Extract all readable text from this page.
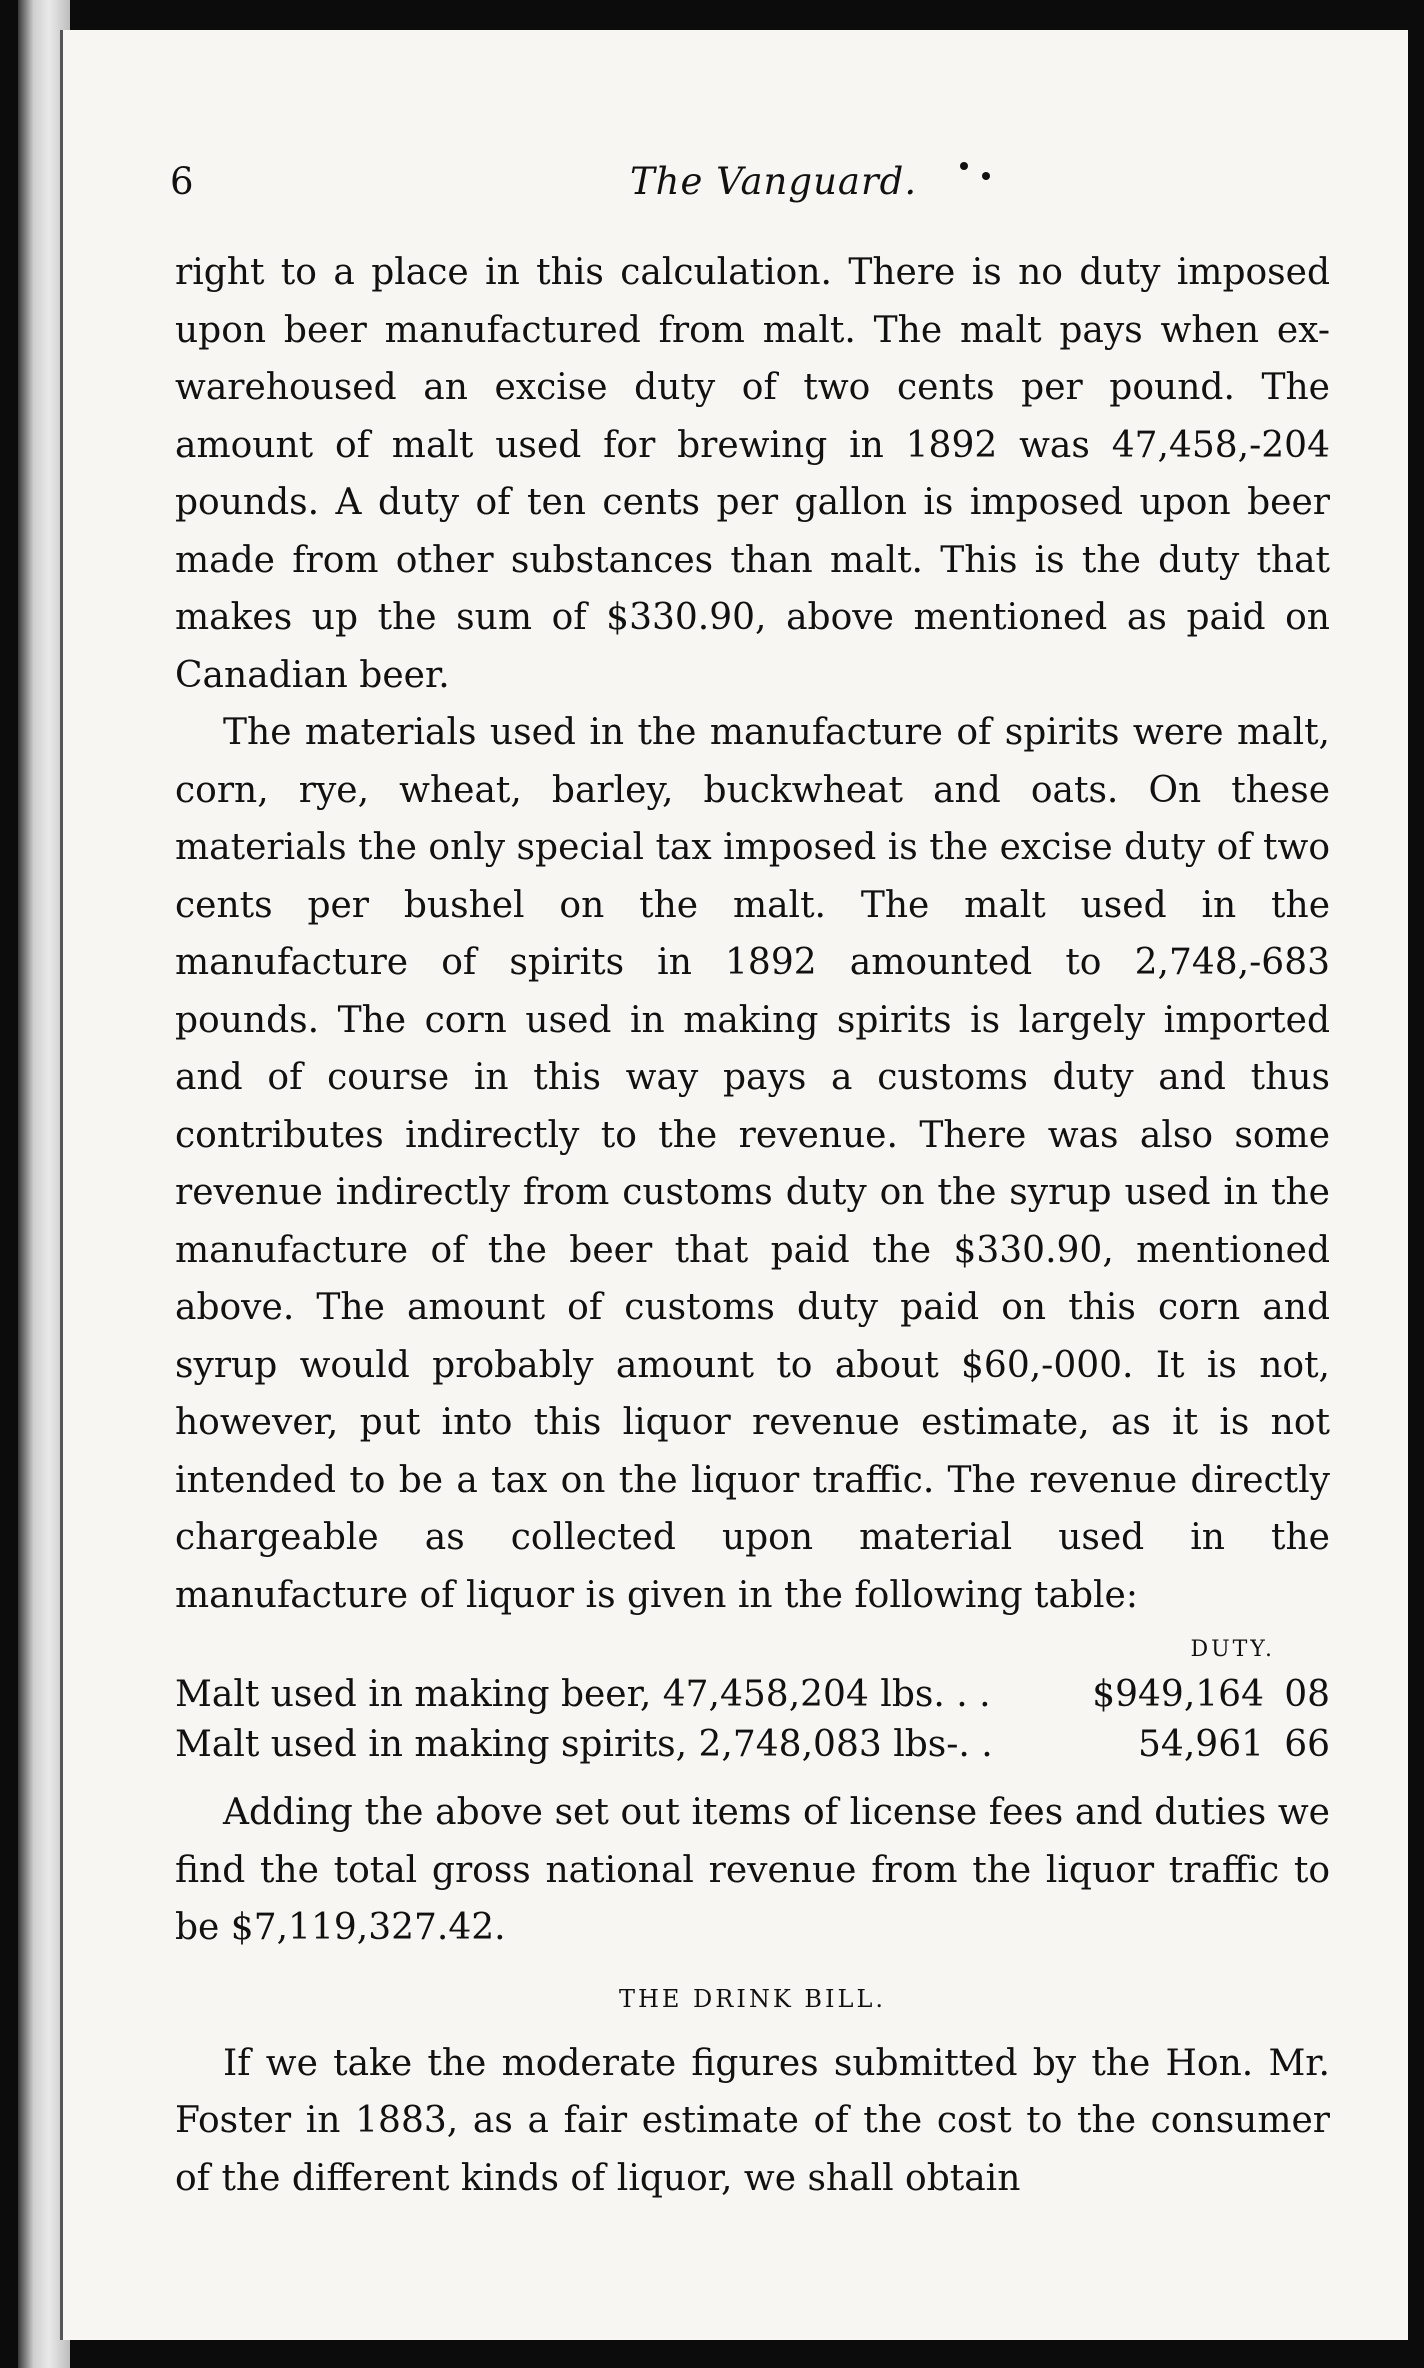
6	The Vanguard.

right to a place in this calculation. There is no duty imposed upon beer manufactured from malt. The malt pays when ex-warehoused an excise duty of two cents per pound. The amount of malt used for brewing in 1892 was 47,458,-204 pounds. A duty of ten cents per gallon is imposed upon beer made from other substances than malt. This is the duty that makes up the sum of $330.90, above mentioned as paid on Canadian beer.

The materials used in the manufacture of spirits were malt, corn, rye, wheat, barley, buckwheat and oats. On these materials the only special tax imposed is the excise duty of two cents per bushel on the malt. The malt used in the manufacture of spirits in 1892 amounted to 2,748,-683 pounds. The corn used in making spirits is largely imported and of course in this way pays a customs duty and thus contributes indirectly to the revenue. There was also some revenue indirectly from customs duty on the syrup used in the manufacture of the beer that paid the $330.90, mentioned above. The amount of customs duty paid on this corn and syrup would probably amount to about $60,-000. It is not, however, put into this liquor revenue estimate, as it is not intended to be a tax on the liquor traffic. The revenue directly chargeable as collected upon material used in the manufacture of liquor is given in the following table:

DUTY.
Malt used in making beer, 47,458,204 lbs. . .	$949,164	08
Malt used in making spirits, 2,748,083 lbs-. .	54,961	66

Adding the above set out items of license fees and duties we find the total gross national revenue from the liquor traffic to be $7,119,327.42.

THE DRINK BILL.

If we take the moderate figures submitted by the Hon. Mr. Foster in 1883, as a fair estimate of the cost to the consumer of the different kinds of liquor, we shall obtain
